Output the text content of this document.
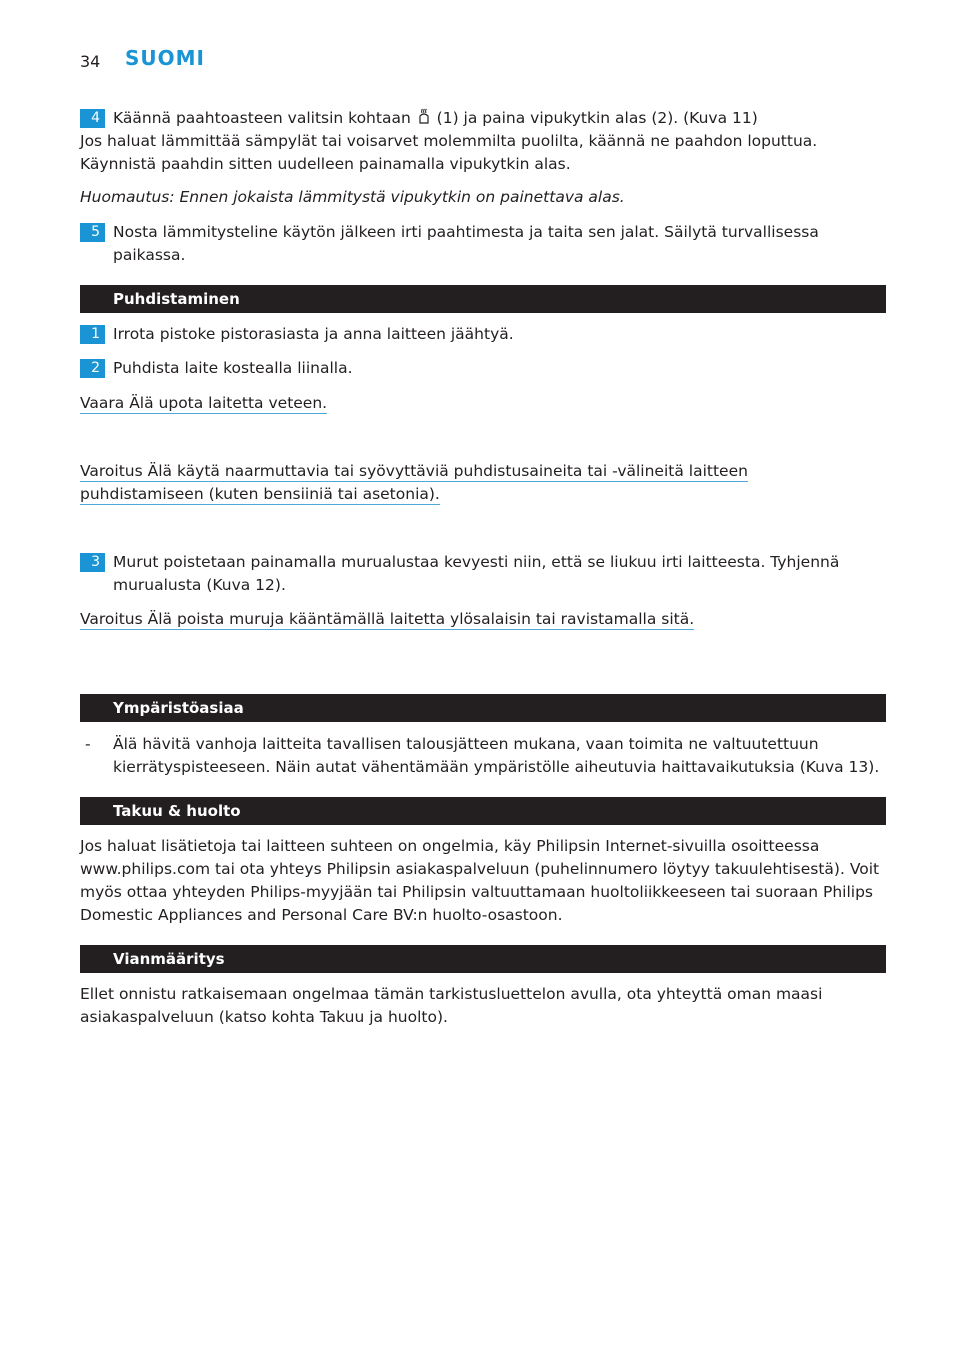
34 SUOMI
4 Käännä paahtoasteen valitsin kohtaan (1) ja paina vipukytkin alas (2). (Kuva 11)
Jos haluat lämmittää sämpylät tai voisarvet molemmilta puolilta, käännä ne paahdon loputtua. Käynnistä paahdin sitten uudelleen painamalla vipukytkin alas.
Huomautus: Ennen jokaista lämmitystä vipukytkin on painettava alas.
5 Nosta lämmitysteline käytön jälkeen irti paahtimesta ja taita sen jalat. Säilytä turvallisessa paikassa.
Puhdistaminen
1 Irrota pistoke pistorasiasta ja anna laitteen jäähtyä.
2 Puhdista laite kostealla liinalla.
Vaara Älä upota laitetta veteen.
Varoitus Älä käytä naarmuttavia tai syövyttäviä puhdistusaineita tai -välineitä laitteen puhdistamiseen (kuten bensiiniä tai asetonia).
3 Murut poistetaan painamalla murualustaa kevyesti niin, että se liukuu irti laitteesta. Tyhjennä murualusta (Kuva 12).
Varoitus Älä poista muruja kääntämällä laitetta ylösalaisin tai ravistamalla sitä.
Ympäristöasiaa
- Älä hävitä vanhoja laitteita tavallisen talousjätteen mukana, vaan toimita ne valtuutettuun kierrätyspisteeseen. Näin autat vähentämään ympäristölle aiheutuvia haittavaikutuksia (Kuva 13).
Takuu & huolto
Jos haluat lisätietoja tai laitteen suhteen on ongelmia, käy Philipsin Internet-sivuilla osoitteessa www.philips.com tai ota yhteys Philipsin asiakaspalveluun (puhelinnumero löytyy takuulehtisestä). Voit myös ottaa yhteyden Philips-myyjään tai Philipsin valtuuttamaan huoltoliikkeeseen tai suoraan Philips Domestic Appliances and Personal Care BV:n huolto-osastoon.
Vianmääritys
Ellet onnistu ratkaisemaan ongelmaa tämän tarkistusluettelon avulla, ota yhteyttä oman maasi asiakaspalveluun (katso kohta Takuu ja huolto).
